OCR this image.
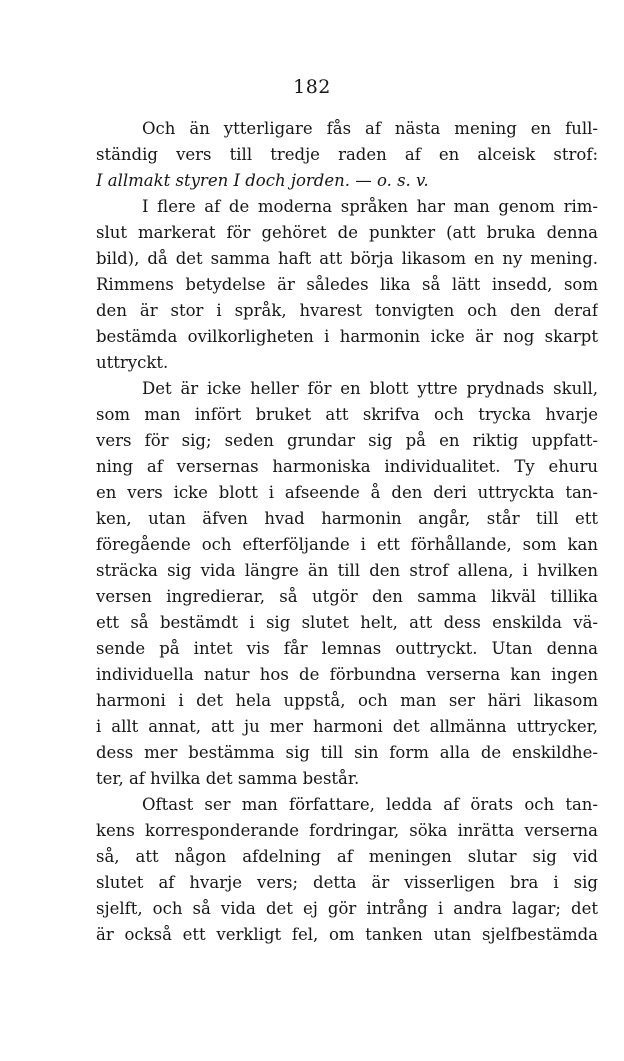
182
Och än ytterligare fås af nästa mening en full-
ständig vers till tredje raden af en alceisk strof:
I allmakt styren I doch jorden. — o. s. v.
I flere af de moderna språken har man genom rim-
slut markerat för gehöret de punkter (att bruka denna
bild), då det samma haft att börja likasom en ny mening.
Rimmens betydelse är således lika så lätt insedd, som
den är stor i språk, hvarest tonvigten och den deraf
bestämda ovilkorligheten i harmonin icke är nog skarpt
uttryckt.
Det är icke heller för en blott yttre prydnads skull,
som man infört bruket att skrifva och trycka hvarje
vers för sig; seden grundar sig på en riktig uppfatt-
ning af versernas harmoniska individualitet. Ty ehuru
en vers icke blott i afseende å den deri uttryckta tan-
ken, utan äfven hvad harmonin angår, står till ett
föregående och efterföljande i ett förhållande, som kan
sträcka sig vida längre än till den strof allena, i hvilken
versen ingredierar, så utgör den samma likväl tillika
ett så bestämdt i sig slutet helt, att dess enskilda vä-
sende på intet vis får lemnas outtryckt. Utan denna
individuella natur hos de förbundna verserna kan ingen
harmoni i det hela uppstå, och man ser häri likasom
i allt annat, att ju mer harmoni det allmänna uttrycker,
dess mer bestämma sig till sin form alla de enskildhe-
ter, af hvilka det samma består.
Oftast ser man författare, ledda af örats och tan-
kens korresponderande fordringar, söka inrätta verserna
så, att någon afdelning af meningen slutar sig vid
slutet af hvarje vers; detta är visserligen bra i sig
sjelft, och så vida det ej gör intrång i andra lagar; det
är också ett verkligt fel, om tanken utan sjelfbestämda
